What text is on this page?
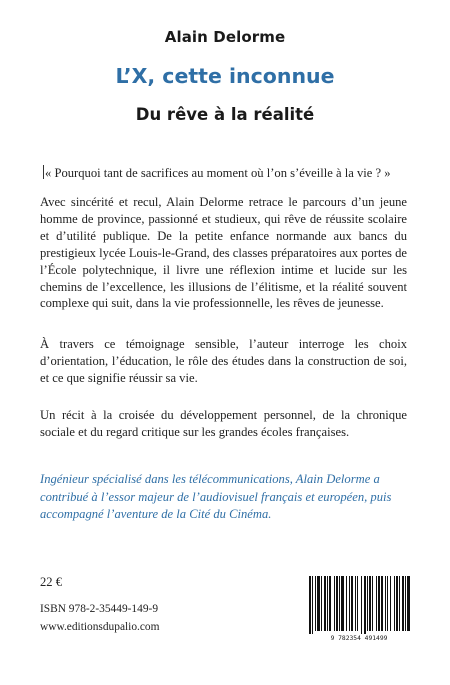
Alain Delorme
L’X, cette inconnue
Du rêve à la réalité
« Pourquoi tant de sacrifices au moment où l’on s’éveille à la vie ? »

Avec sincérité et recul, Alain Delorme retrace le parcours d’un jeune homme de province, passionné et studieux, qui rêve de réussite scolaire et d’utilité publique. De la petite enfance normande aux bancs du prestigieux lycée Louis-le-Grand, des classes préparatoires aux portes de l’École polytechnique, il livre une réflexion intime et lucide sur les chemins de l’excellence, les illusions de l’élitisme, et la réalité souvent complexe qui suit, dans la vie professionnelle, les rêves de jeunesse.

À travers ce témoignage sensible, l’auteur interroge les choix d’orientation, l’éducation, le rôle des études dans la construction de soi, et ce que signifie réussir sa vie.

Un récit à la croisée du développement personnel, de la chronique sociale et du regard critique sur les grandes écoles françaises.

Ingénieur spécialisé dans les télécommunications, Alain Delorme a contribué à l’essor majeur de l’audiovisuel français et européen, puis accompagné l’aventure de la Cité du Cinéma.

22 €
ISBN 978-2-35449-149-9
www.editionsdupalio.com
9 782354 491499
